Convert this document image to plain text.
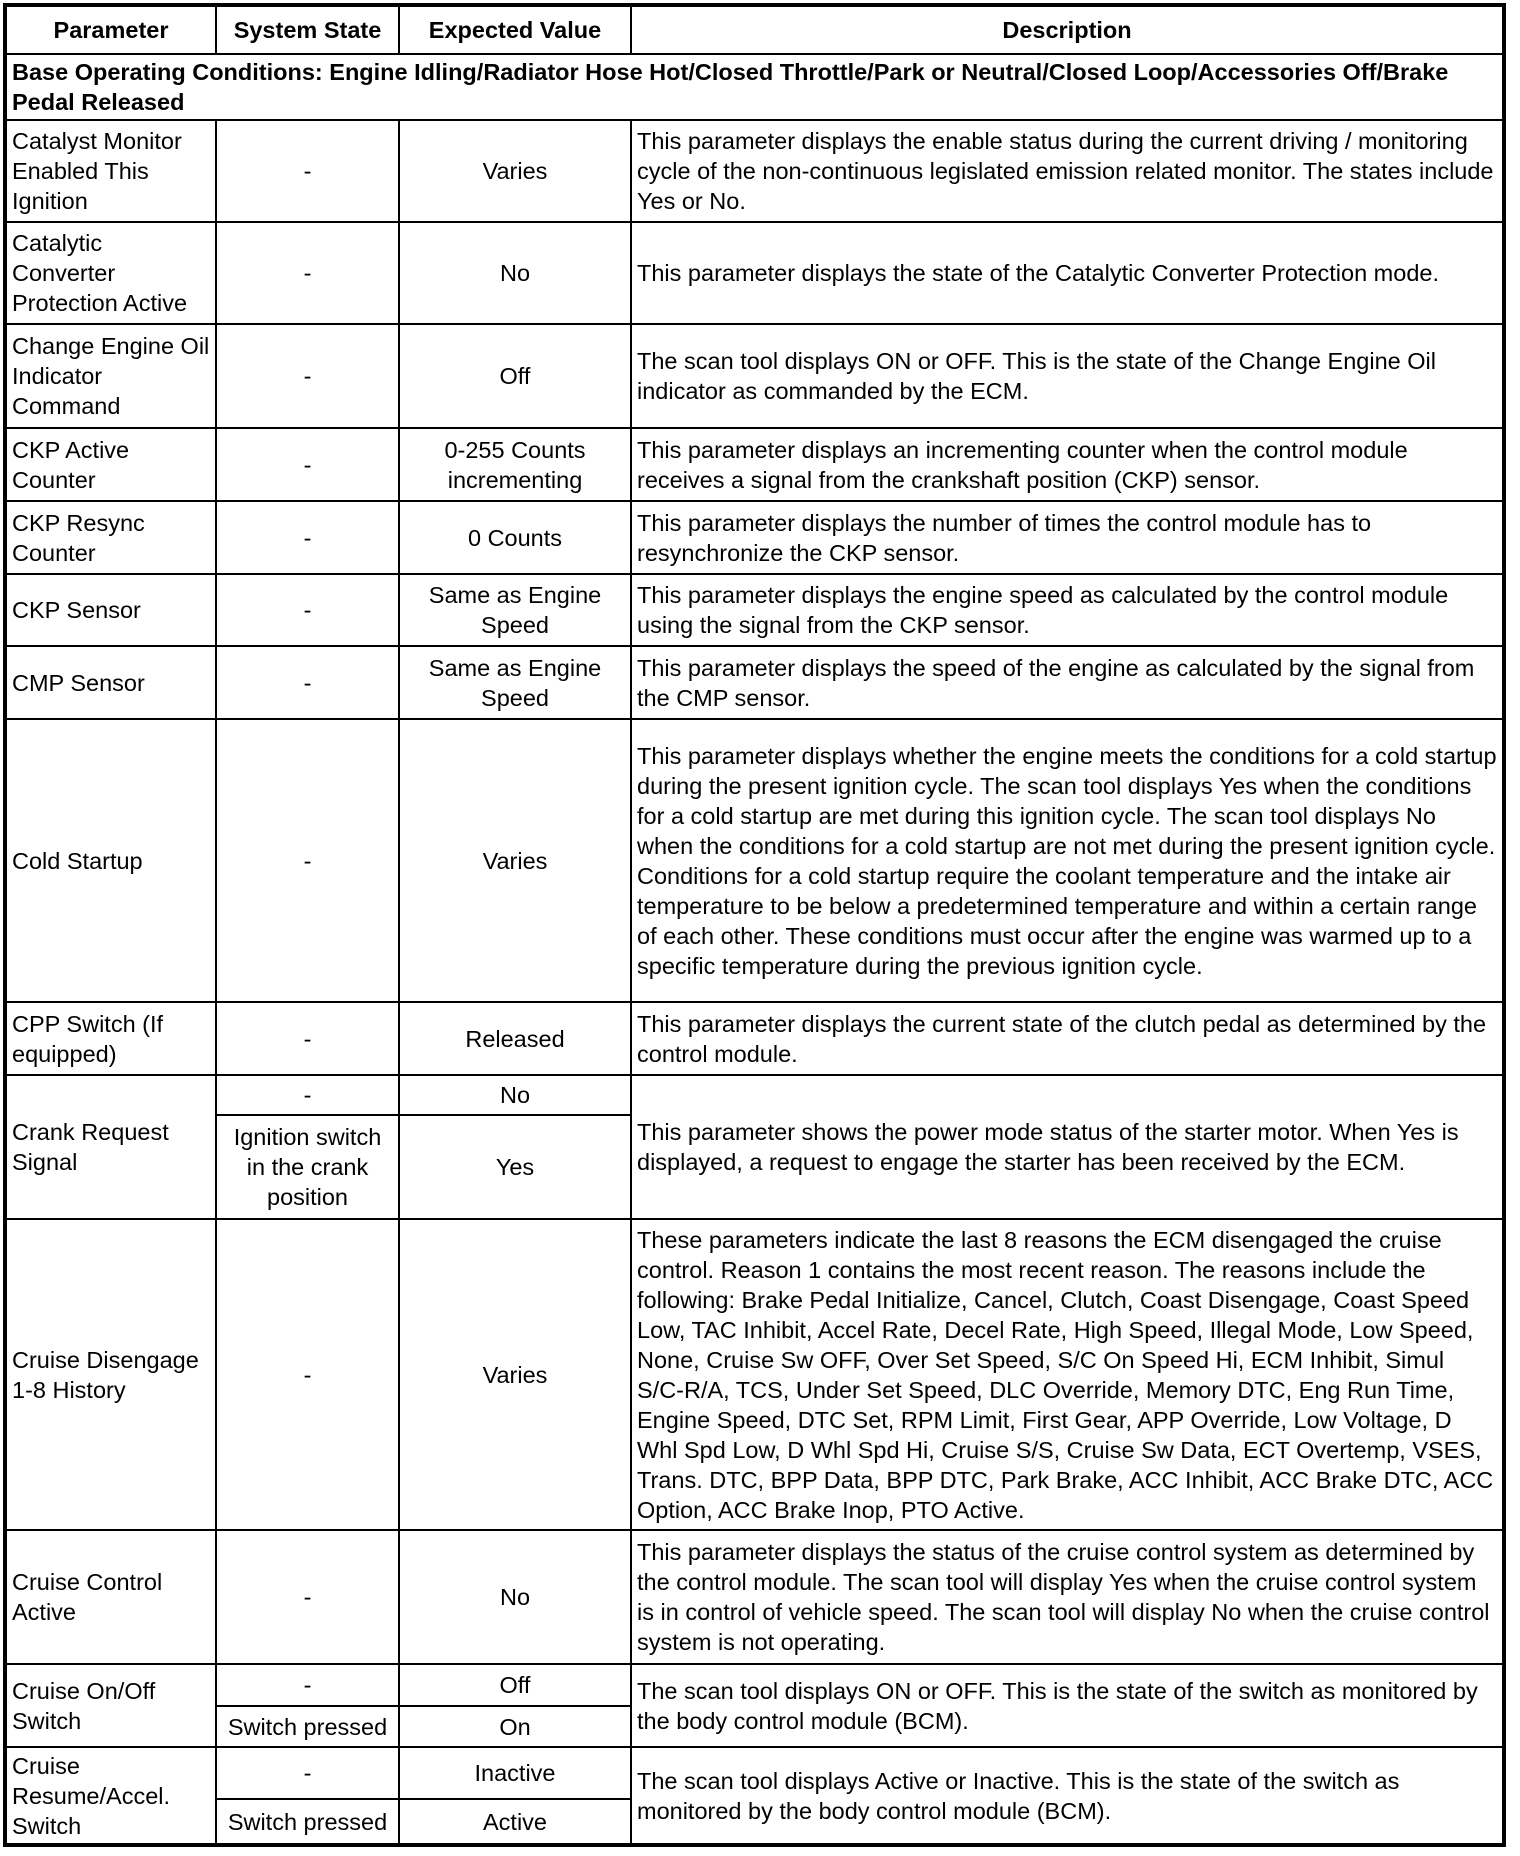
Parameter	System State	Expected Value	Description
Base Operating Conditions: Engine Idling/Radiator Hose Hot/Closed Throttle/Park or Neutral/Closed Loop/Accessories Off/Brake Pedal Released			
Catalyst Monitor Enabled This Ignition	-	Varies	This parameter displays the enable status during the current driving / monitoring cycle of the non-continuous legislated emission related monitor. The states include Yes or No.
Catalytic Converter Protection Active	-	No	This parameter displays the state of the Catalytic Converter Protection mode.
Change Engine Oil Indicator Command	-	Off	The scan tool displays ON or OFF. This is the state of the Change Engine Oil indicator as commanded by the ECM.
CKP Active Counter	-	0-255 Counts incrementing	This parameter displays an incrementing counter when the control module receives a signal from the crankshaft position (CKP) sensor.
CKP Resync Counter	-	0 Counts	This parameter displays the number of times the control module has to resynchronize the CKP sensor.
CKP Sensor	-	Same as Engine Speed	This parameter displays the engine speed as calculated by the control module using the signal from the CKP sensor.
CMP Sensor	-	Same as Engine Speed	This parameter displays the speed of the engine as calculated by the signal from the CMP sensor.
Cold Startup	-	Varies	This parameter displays whether the engine meets the conditions for a cold startup during the present ignition cycle. The scan tool displays Yes when the conditions for a cold startup are met during this ignition cycle. The scan tool displays No when the conditions for a cold startup are not met during the present ignition cycle. Conditions for a cold startup require the coolant temperature and the intake air temperature to be below a predetermined temperature and within a certain range of each other. These conditions must occur after the engine was warmed up to a specific temperature during the previous ignition cycle.
CPP Switch (If equipped)	-	Released	This parameter displays the current state of the clutch pedal as determined by the control module.
Crank Request Signal	-	No	This parameter shows the power mode status of the starter motor. When Yes is displayed, a request to engage the starter has been received by the ECM.
	Ignition switch in the crank position	Yes	
Cruise Disengage 1-8 History	-	Varies	These parameters indicate the last 8 reasons the ECM disengaged the cruise control. Reason 1 contains the most recent reason. The reasons include the following: Brake Pedal Initialize, Cancel, Clutch, Coast Disengage, Coast Speed Low, TAC Inhibit, Accel Rate, Decel Rate, High Speed, Illegal Mode, Low Speed, None, Cruise Sw OFF, Over Set Speed, S/C On Speed Hi, ECM Inhibit, Simul S/C-R/A, TCS, Under Set Speed, DLC Override, Memory DTC, Eng Run Time, Engine Speed, DTC Set, RPM Limit, First Gear, APP Override, Low Voltage, D Whl Spd Low, D Whl Spd Hi, Cruise S/S, Cruise Sw Data, ECT Overtemp, VSES, Trans. DTC, BPP Data, BPP DTC, Park Brake, ACC Inhibit, ACC Brake DTC, ACC Option, ACC Brake Inop, PTO Active.
Cruise Control Active	-	No	This parameter displays the status of the cruise control system as determined by the control module. The scan tool will display Yes when the cruise control system is in control of vehicle speed. The scan tool will display No when the cruise control system is not operating.
Cruise On/Off Switch	-	Off	The scan tool displays ON or OFF. This is the state of the switch as monitored by the body control module (BCM).
	Switch pressed	On	
Cruise Resume/Accel. Switch	-	Inactive	The scan tool displays Active or Inactive. This is the state of the switch as monitored by the body control module (BCM).
	Switch pressed	Active	
